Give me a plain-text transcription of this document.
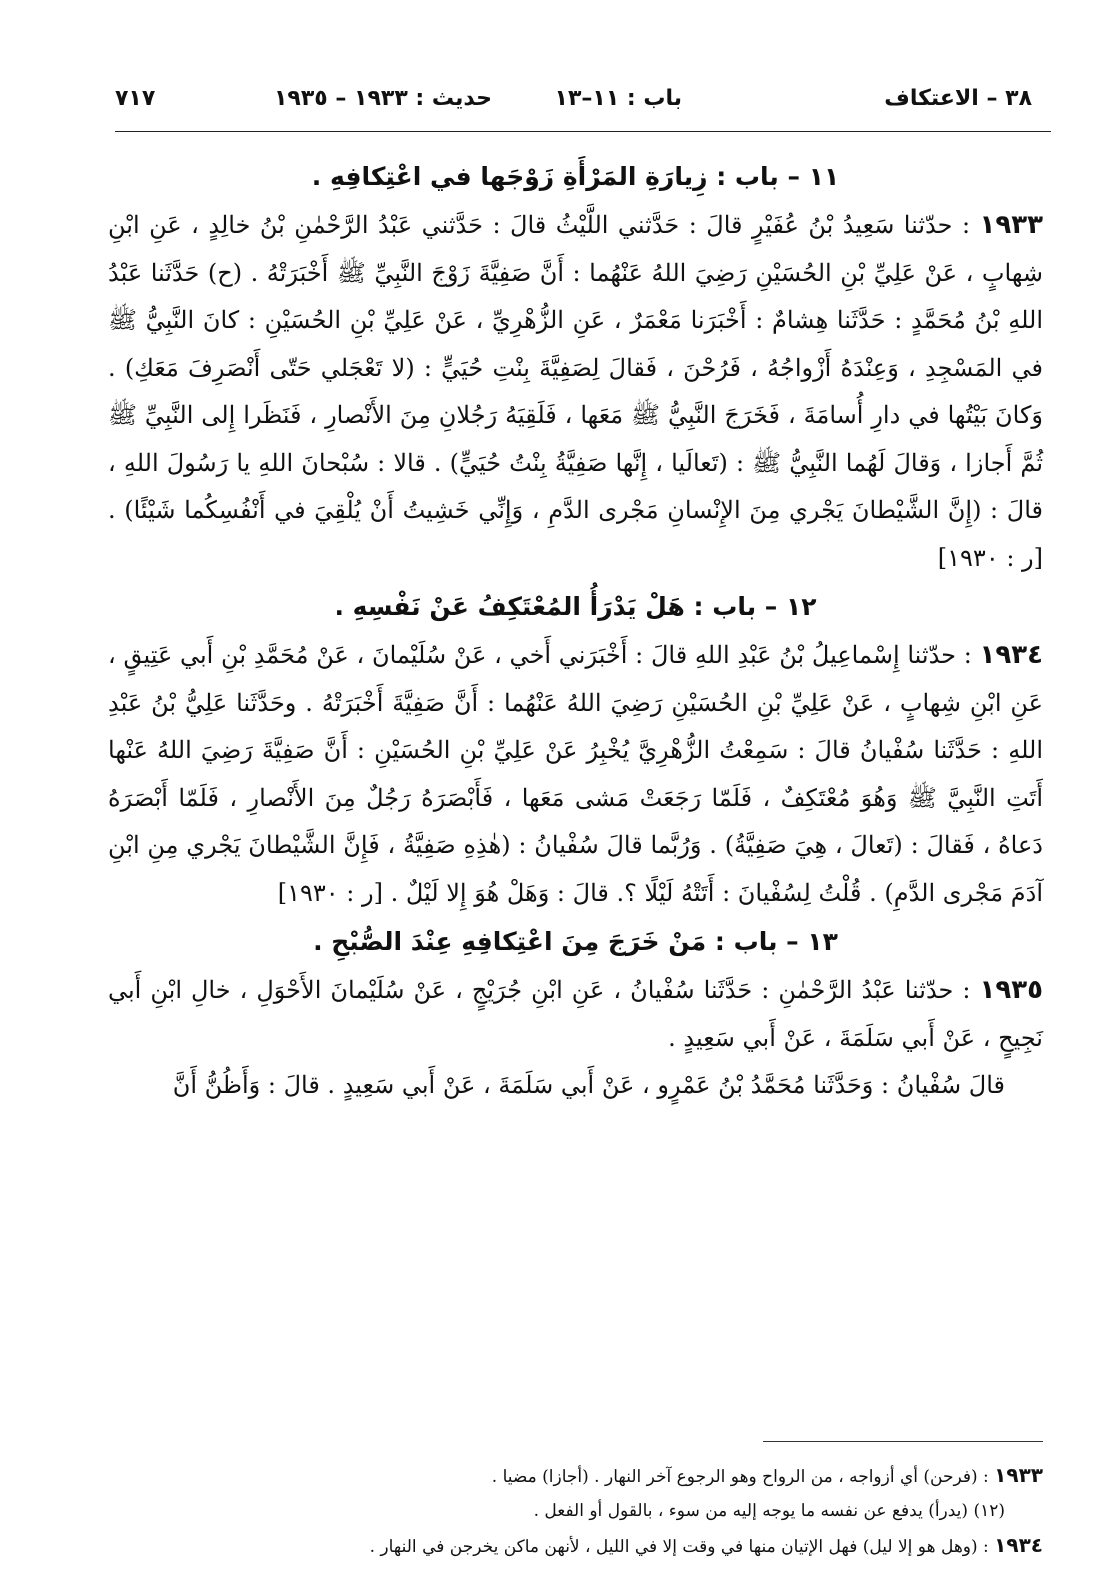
٣٨ – الاعتكاف
باب : ١١–١٣
حديث : ١٩٣٣ – ١٩٣٥
٧١٧

١١ – باب : زِيارَةِ المَرْأَةِ زَوْجَها في اعْتِكافِهِ .

١٩٣٣ : حدّثنا سَعِيدُ بْنُ عُفَيْرٍ قالَ : حَدَّثني اللَّيْثُ قالَ : حَدَّثني عَبْدُ الرَّحْمٰنِ بْنُ خالِدٍ ، عَنِ ابْنِ شِهابٍ ، عَنْ عَلِيِّ بْنِ الحُسَيْنِ رَضِيَ اللهُ عَنْهُما : أَنَّ صَفِيَّةَ زَوْجَ النَّبِيِّ ﷺ أَخْبَرَتْهُ . (ح) حَدَّثَنا عَبْدُ اللهِ بْنُ مُحَمَّدٍ : حَدَّثَنا هِشامٌ : أَخْبَرَنا مَعْمَرٌ ، عَنِ الزُّهْرِيِّ ، عَنْ عَلِيِّ بْنِ الحُسَيْنِ : كانَ النَّبِيُّ ﷺ في المَسْجِدِ ، وَعِنْدَهُ أَزْواجُهُ ، فَرُحْنَ ، فَقالَ لِصَفِيَّةَ بِنْتِ حُيَيٍّ : (لا تَعْجَلي حَتّى أَنْصَرِفَ مَعَكِ) . وَكانَ بَيْتُها في دارِ أُسامَةَ ، فَخَرَجَ النَّبِيُّ ﷺ مَعَها ، فَلَقِيَهُ رَجُلانِ مِنَ الأَنْصارِ ، فَنَظَرا إِلى النَّبِيِّ ﷺ ثُمَّ أَجازا ، وَقالَ لَهُما النَّبِيُّ ﷺ : (تَعالَيا ، إِنَّها صَفِيَّةُ بِنْتُ حُيَيٍّ) . قالا : سُبْحانَ اللهِ يا رَسُولَ اللهِ ، قالَ : (إِنَّ الشَّيْطانَ يَجْري مِنَ الإِنْسانِ مَجْرى الدَّمِ ، وَإِنِّي خَشِيتُ أَنْ يُلْقِيَ في أَنْفُسِكُما شَيْئًا) . [ر : ١٩٣٠]

١٢ – باب : هَلْ يَدْرَأُ المُعْتَكِفُ عَنْ نَفْسِهِ .

١٩٣٤ : حدّثنا إِسْماعِيلُ بْنُ عَبْدِ اللهِ قالَ : أَخْبَرَني أَخي ، عَنْ سُلَيْمانَ ، عَنْ مُحَمَّدِ بْنِ أَبي عَتِيقٍ ، عَنِ ابْنِ شِهابٍ ، عَنْ عَلِيِّ بْنِ الحُسَيْنِ رَضِيَ اللهُ عَنْهُما : أَنَّ صَفِيَّةَ أَخْبَرَتْهُ . وحَدَّثَنا عَلِيُّ بْنُ عَبْدِ اللهِ : حَدَّثَنا سُفْيانُ قالَ : سَمِعْتُ الزُّهْرِيَّ يُخْبِرُ عَنْ عَلِيِّ بْنِ الحُسَيْنِ : أَنَّ صَفِيَّةَ رَضِيَ اللهُ عَنْها أَتَتِ النَّبِيَّ ﷺ وَهُوَ مُعْتَكِفٌ ، فَلَمّا رَجَعَتْ مَشى مَعَها ، فَأَبْصَرَهُ رَجُلٌ مِنَ الأَنْصارِ ، فَلَمّا أَبْصَرَهُ دَعاهُ ، فَقالَ : (تَعالَ ، هِيَ صَفِيَّةُ) . وَرُبَّما قالَ سُفْيانُ : (هٰذِهِ صَفِيَّةُ ، فَإِنَّ الشَّيْطانَ يَجْري مِنِ ابْنِ آدَمَ مَجْرى الدَّمِ) . قُلْتُ لِسُفْيانَ : أَتَتْهُ لَيْلًا ؟. قالَ : وَهَلْ هُوَ إِلا لَيْلٌ . [ر : ١٩٣٠]

١٣ – باب : مَنْ خَرَجَ مِنَ اعْتِكافِهِ عِنْدَ الصُّبْحِ .

١٩٣٥ : حدّثنا عَبْدُ الرَّحْمٰنِ : حَدَّثَنا سُفْيانُ ، عَنِ ابْنِ جُرَيْجٍ ، عَنْ سُلَيْمانَ الأَحْوَلِ ، خالِ ابْنِ أَبي نَجِيحٍ ، عَنْ أَبي سَلَمَةَ ، عَنْ أَبي سَعِيدٍ .

قالَ سُفْيانُ : وَحَدَّثَنا مُحَمَّدُ بْنُ عَمْرٍو ، عَنْ أَبي سَلَمَةَ ، عَنْ أَبي سَعِيدٍ . قالَ : وَأَظُنُّ أَنَّ

١٩٣٣ : (فرحن) أي أزواجه ، من الرواح وهو الرجوع آخر النهار . (أجازا) مضيا .

(١٢) (يدرأ) يدفع عن نفسه ما يوجه إليه من سوء ، بالقول أو الفعل .

١٩٣٤ : (وهل هو إلا ليل) فهل الإتيان منها في وقت إلا في الليل ، لأنهن ماكن يخرجن في النهار .
